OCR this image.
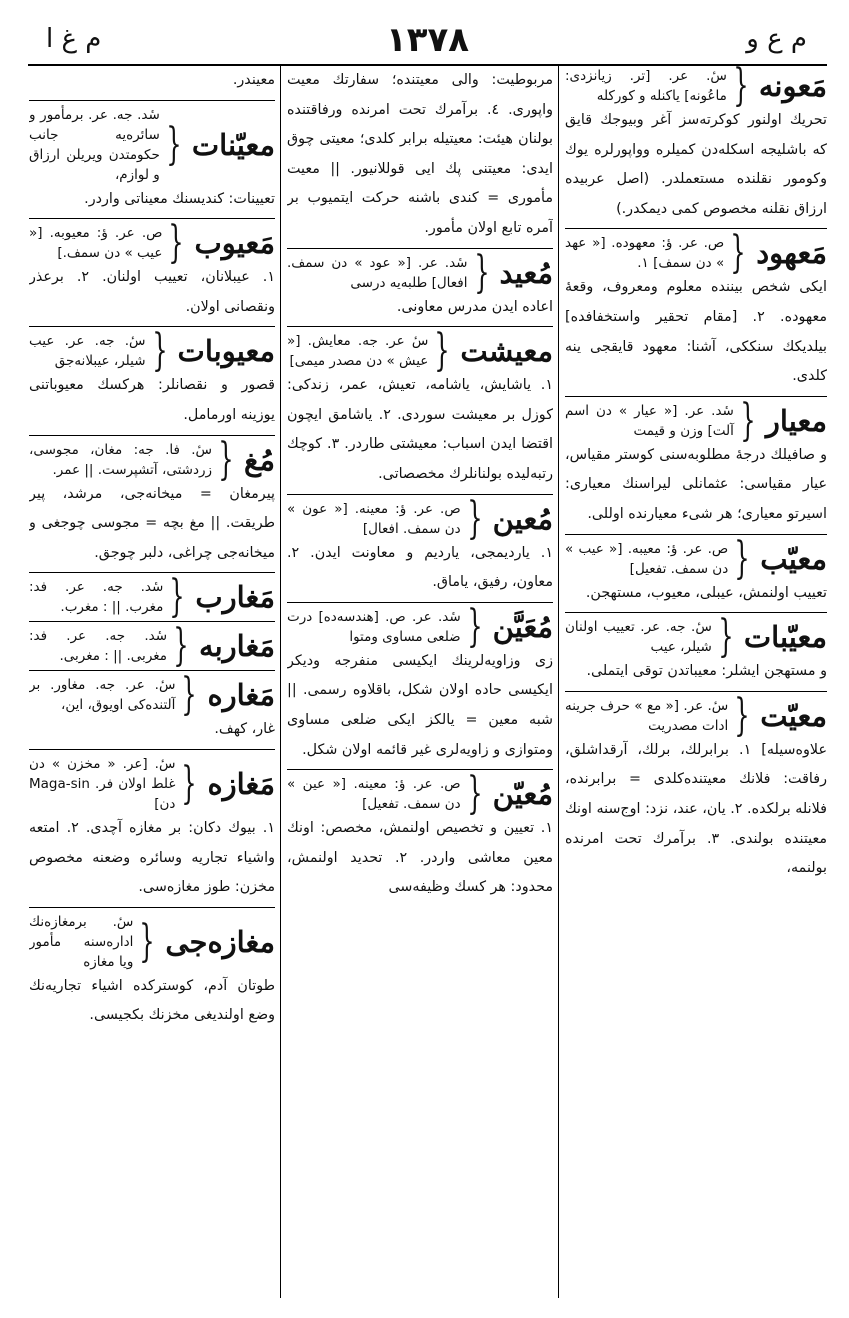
م غ ا	١٣٧٨	م ع و
مَعونه
{
سٔ. عر. [تر. زیانزدی: ماعُونه] یاکنله و کورکله
تحریك اولنور کوکرته‌سز آغر وبیوجك قایق که باشلیجه اسکله‌دن کمیلره وواپورلره یوك وکومور نقلنده مستعملدر. (اصل عربیده ارزاق نقلنه مخصوص کمی دیمکدر.)
مَعهود
{
ص. عر. ؤ: معهوده. [« عهد » دن سمف] ١.
ایکی شخص بیننده معلوم ومعروف، وقعۀ معهوده. ٢. [مقام تحقیر واستخفافده] بیلدیکك سنککی، آشنا: معهود قایقجی ینه کلدی.
معیار
{
سٔد. عر. [« عیار » دن اسم آلت] وزن و قیمت
و صافیلك درجۀ مطلوبه‌سنی کوستر مقیاس، عیار مقیاسی: عثمانلی لیراسنك معیاری: اسیرتو معیاری؛ هر شیء معیارنده اوللی.
معیّب
{
ص. عر. ؤ: معیبه. [« عیب » دن سمف. تفعیل]
تعییب اولنمش، عیبلی، معیوب، مستهجن.
معیّبات
{
سٔ. جه. عر. تعییب اولنان شیلر، عیب
و مستهجن ایشلر: معیباتدن توقی ایتملی.
معیّت
{
سٔ. عر. [« مع » حرف جرینه ادات مصدریت
علاوه‌سیله] ١. برابرلك، برلك، آرقداشلق، رفاقت: فلانك معیتنده‌کلدی = برابرنده، فلانله برلکده. ٢. یان، عند، نزد: اوج‌سنه اونك معیتنده بولندی. ٣. برآمرك تحت امرنده بولنمه،
مربوطیت: والی معیتنده؛ سفارتك معیت واپوری. ٤. برآمرك تحت امرنده ورفاقتنده بولنان هیئت: معیتیله برابر کلدی؛ معیتی چوق ایدی: معیتنی پك ایی قوللانیور. || معیت مأموری = کندی باشنه حرکت ایتمیوب بر آمره تابع اولان مأمور.
مُعید
{
سٔد. عر. [« عود » دن سمف. افعال] طلبه‌یه درسی
اعاده ایدن مدرس معاونی.
معیشت
{
سٔ عر. جه. معایش. [« عیش » دن مصدر میمی]
١. یاشایش، یاشامه، تعیش، عمر، زندکی: کوزل بر معیشت سوردی. ٢. یاشامق ایچون اقتضا ایدن اسباب: معیشتی طاردر. ٣. کوچك رتبه‌لیده بولنانلرك مخصصاتی.
مُعین
{
ص. عر. ؤ: معینه. [« عون » دن سمف. افعال]
١. یاردیمجی، یاردیم و معاونت ایدن. ٢. معاون، رفیق، یاماق.
مُعَیَّن
{
سٔد. عر. ص. [هندسه‌ده] درت ضلعی مساوی ومتوا
زی وزاویه‌لرینك ایکیسی منفرجه ودیکر ایکیسی حاده اولان شکل، باقلاوه رسمی. || شبه معین = یالکز ایکی ضلعی مساوی ومتوازی و زاویه‌لری غیر قائمه اولان شکل.
مُعیّن
{
ص. عر. ؤ: معینه. [« عین » دن سمف. تفعیل]
١. تعیین و تخصیص اولنمش، مخصص: اونك معین معاشی واردر. ٢. تحدید اولنمش، محدود: هر کسك وظیفه‌سی
معیندر.
معیّنات
{
سٔد. جه. عر. برمأمور و سائره‌یه جانب حکومتدن ویریلن ارزاق و لوازم،
تعیینات: کندیسنك معیناتی واردر.
مَعیوب
{
ص. عر. ؤ: معیوبه. [« عیب » دن سمف.]
١. عیبلانان، تعییب اولنان. ٢. برعذر ونقصانی اولان.
معیوبات
{
سٔ. جه. عر. عیب شیلر، عیبلانه‌جق
قصور و نقصانلر: هرکسك معیوباتنی یوزینه اورمامل.
مُغ
{
سٔ. فا. جه: مغان، مجوسی، زردشتی، آتشپرست. || عمر.
پیرمغان = میخانه‌جی، مرشد، پیر طریقت. || مغ بچه = مجوسی چوجغی و میخانه‌جی چراغی، دلبر چوجق.
مَغارب
{
سٔد. جه. عر. فد: مغرب. || : مغرب.
مَغاربه
{
سٔد. جه. عر. فد: مغربی. || : مغربی.
مَغاره
{
سٔ. عر. جه. مغاور. بر آلتنده‌کی اویوق، این،
غار، کهف.
مَغازه
{
سٔ. [عر. « مخزن » دن غلط اولان فر. Maga-sin دن]
١. بیوك دکان: بر مغازه آچدی. ٢. امتعه واشیاء تجاریه وسائره وضعنه مخصوص مخزن: طوز مغازه‌سی.
مغازه‌جی
{
سٔ. برمغازه‌نك اداره‌سنه مأمور ویا مغازه
طوتان آدم، کوسترکده اشیاء تجاریه‌نك وضع اولندیغی مخزنك بکجیسی.
